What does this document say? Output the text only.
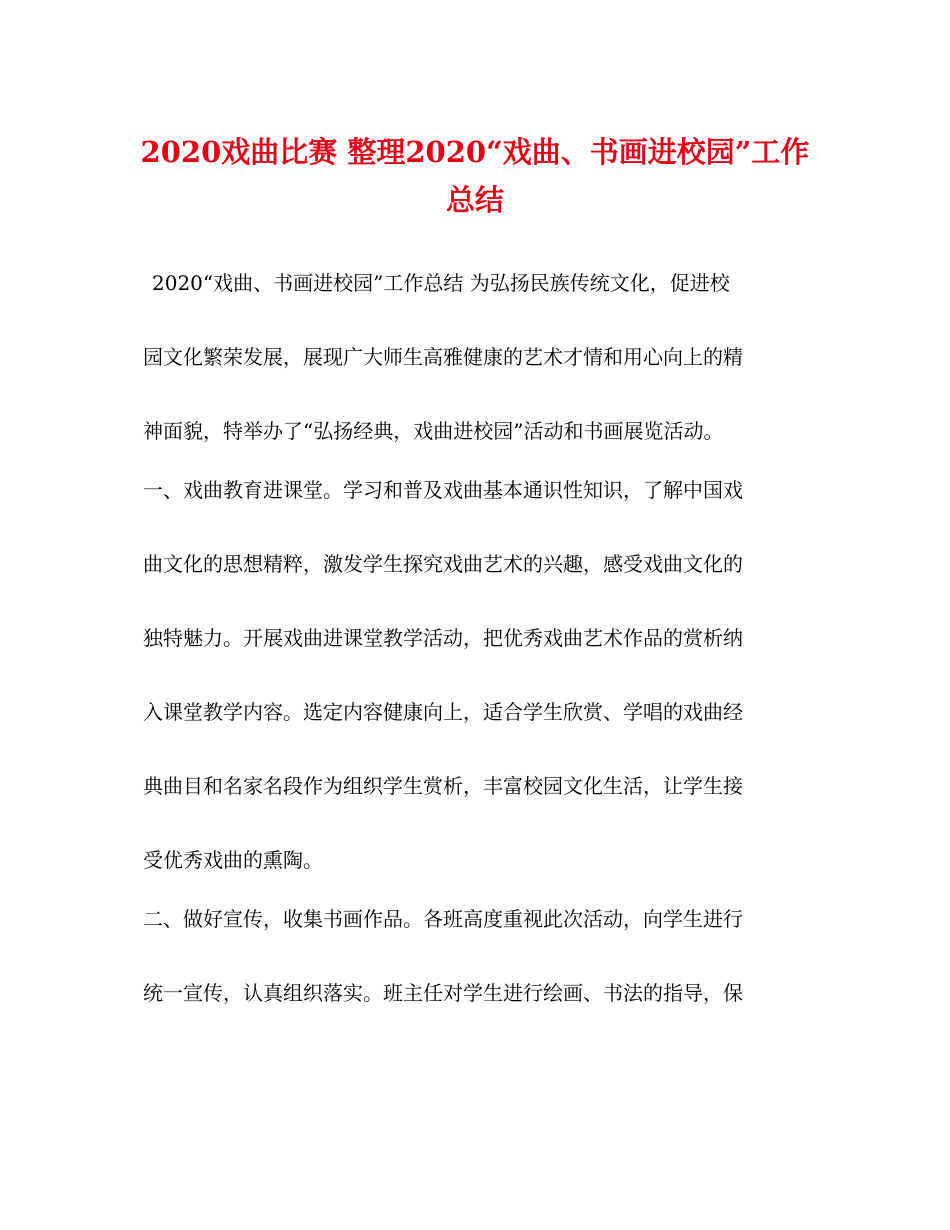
2020戏曲比赛 整理2020“戏曲、书画进校园”工作
总结

2020“戏曲、书画进校园”工作总结 为弘扬民族传统文化，促进校

园文化繁荣发展，展现广大师生高雅健康的艺术才情和用心向上的精

神面貌，特举办了“弘扬经典，戏曲进校园”活动和书画展览活动。

一、戏曲教育进课堂。学习和普及戏曲基本通识性知识，了解中国戏

曲文化的思想精粹，激发学生探究戏曲艺术的兴趣，感受戏曲文化的

独特魅力。开展戏曲进课堂教学活动，把优秀戏曲艺术作品的赏析纳

入课堂教学内容。选定内容健康向上，适合学生欣赏、学唱的戏曲经

典曲目和名家名段作为组织学生赏析，丰富校园文化生活，让学生接

受优秀戏曲的熏陶。

二、做好宣传，收集书画作品。各班高度重视此次活动，向学生进行

统一宣传，认真组织落实。班主任对学生进行绘画、书法的指导，保
